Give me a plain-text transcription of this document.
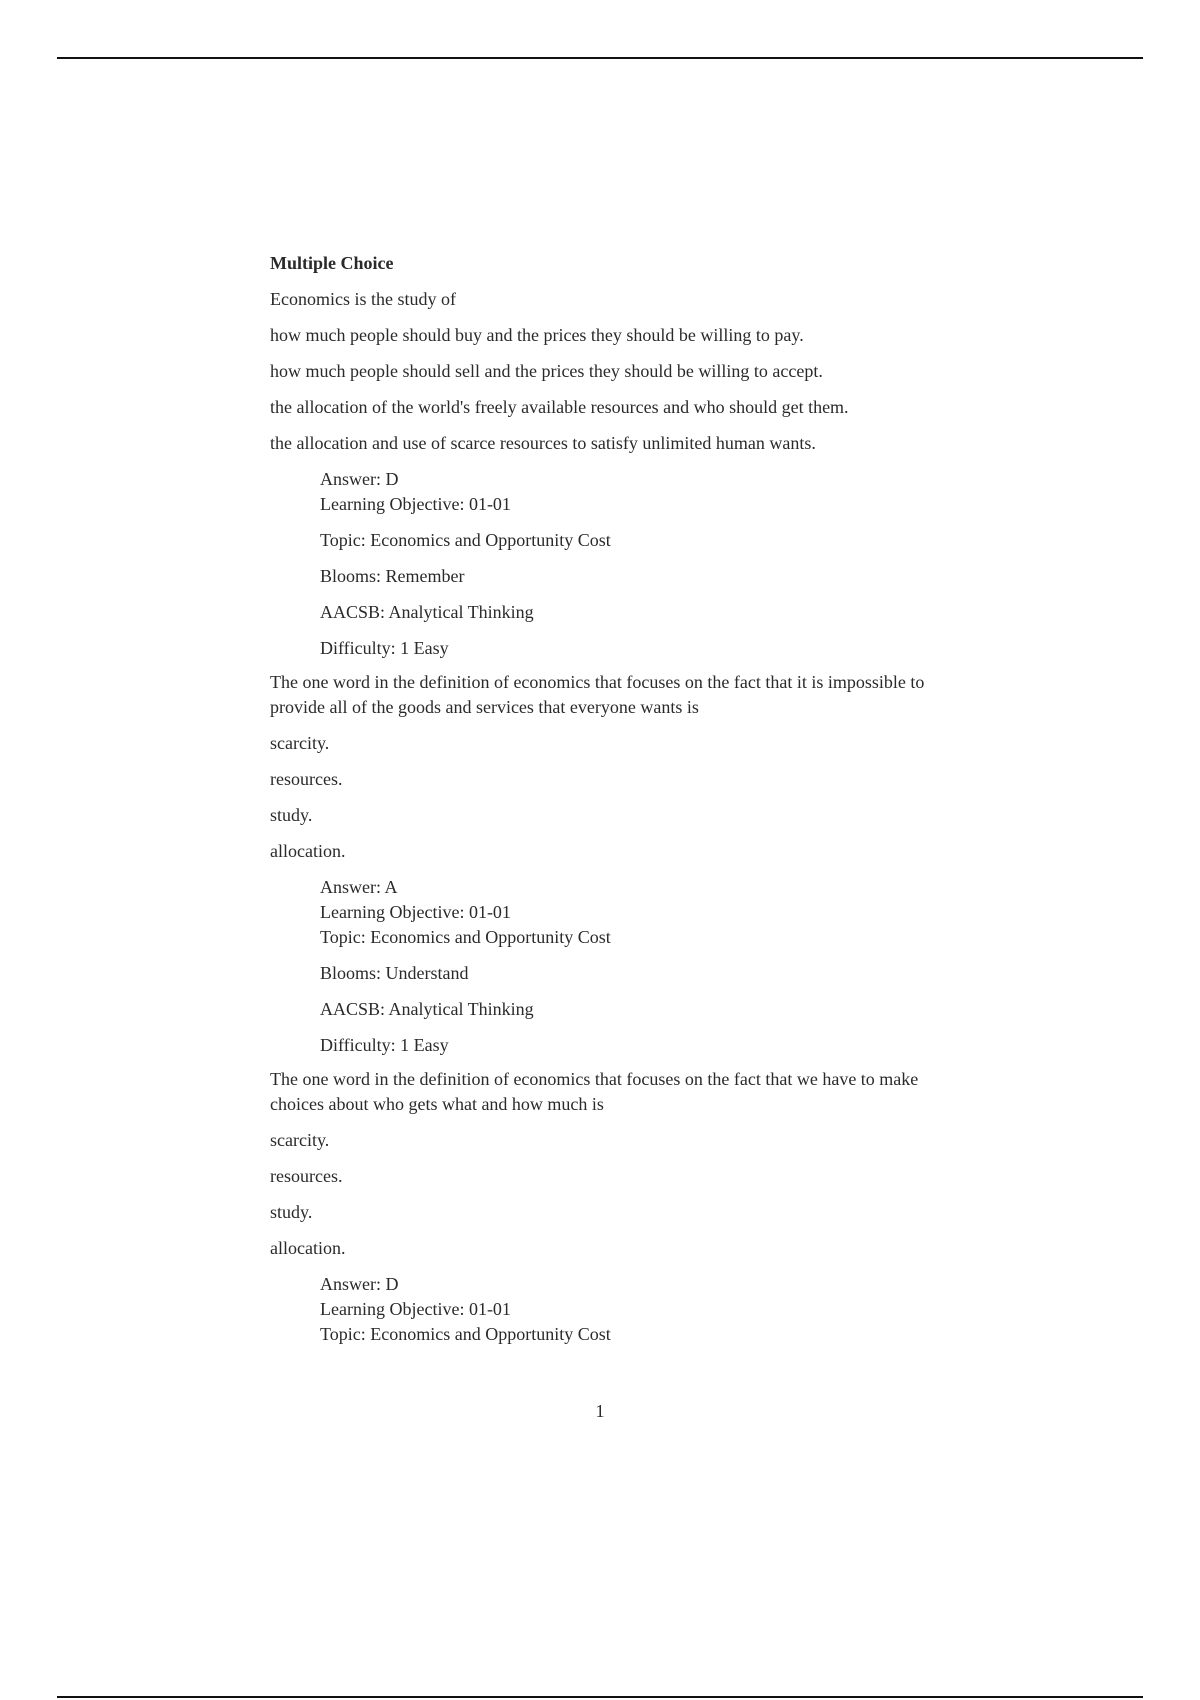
Multiple Choice

Economics is the study of

how much people should buy and the prices they should be willing to pay.

how much people should sell and the prices they should be willing to accept.

the allocation of the world's freely available resources and who should get them.

the allocation and use of scarce resources to satisfy unlimited human wants.

Answer: D

Learning Objective: 01-01

Topic: Economics and Opportunity Cost

Blooms: Remember

AACSB: Analytical Thinking

Difficulty: 1 Easy

The one word in the definition of economics that focuses on the fact that it is impossible to provide all of the goods and services that everyone wants is

scarcity.

resources.

study.

allocation.

Answer: A

Learning Objective: 01-01

Topic: Economics and Opportunity Cost

Blooms: Understand

AACSB: Analytical Thinking

Difficulty: 1 Easy

The one word in the definition of economics that focuses on the fact that we have to make choices about who gets what and how much is

scarcity.

resources.

study.

allocation.

Answer: D

Learning Objective: 01-01

Topic: Economics and Opportunity Cost

1
